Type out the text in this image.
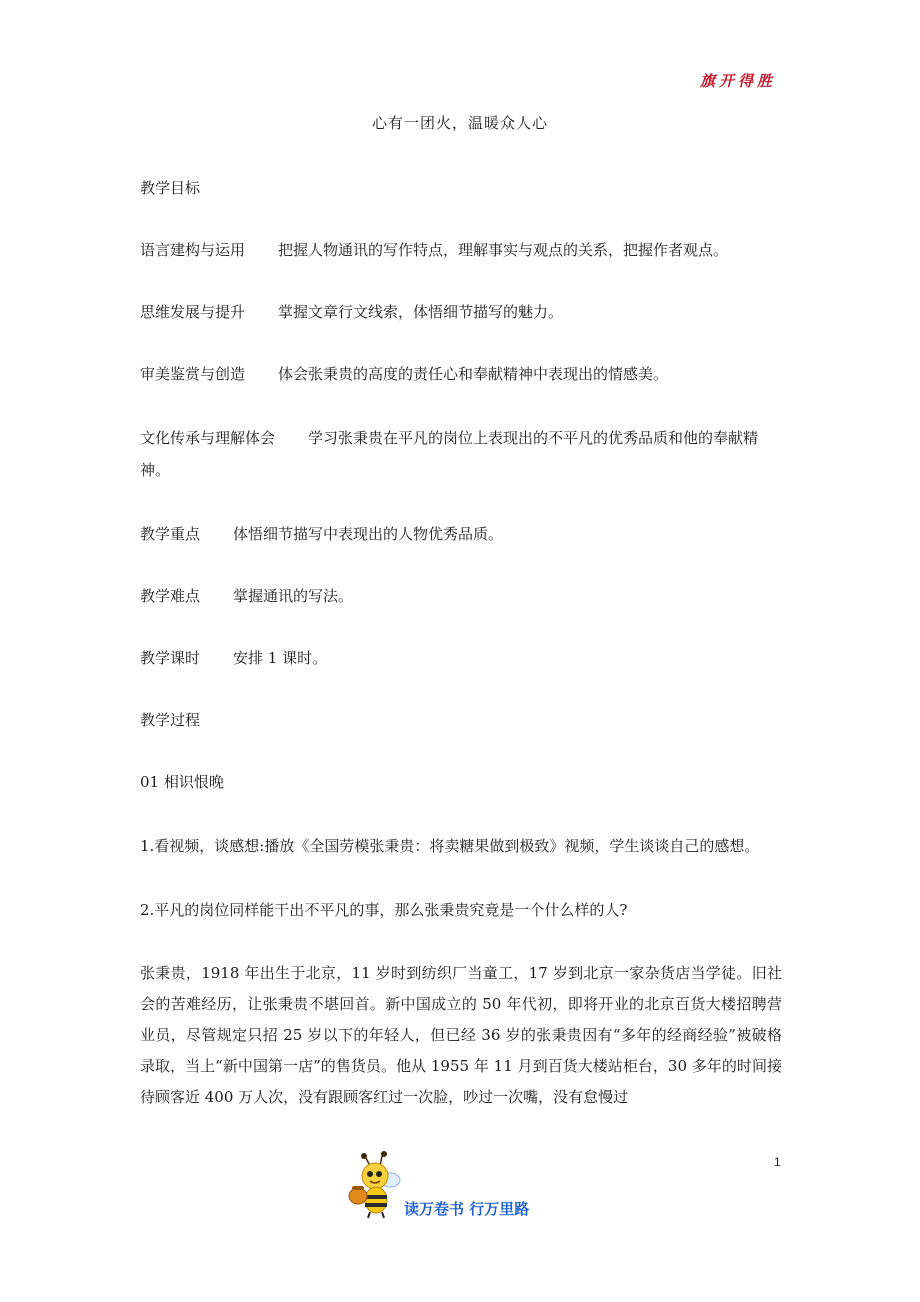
旗开得胜
心有一团火，温暖众人心

教学目标

语言建构与运用 把握人物通讯的写作特点，理解事实与观点的关系，把握作者观点。

思维发展与提升 掌握文章行文线索，体悟细节描写的魅力。

审美鉴赏与创造 体会张秉贵的高度的责任心和奉献精神中表现出的情感美。

文化传承与理解体会 学习张秉贵在平凡的岗位上表现出的不平凡的优秀品质和他的奉献精神。

教学重点 体悟细节描写中表现出的人物优秀品质。

教学难点 掌握通讯的写法。

教学课时 安排 1 课时。

教学过程

01 相识恨晚

1.看视频，谈感想:播放《全国劳模张秉贵：将卖糖果做到极致》视频，学生谈谈自己的感想。

2.平凡的岗位同样能干出不平凡的事，那么张秉贵究竟是一个什么样的人?

张秉贵，1918 年出生于北京，11 岁时到纺织厂当童工，17 岁到北京一家杂货店当学徒。旧社会的苦难经历，让张秉贵不堪回首。新中国成立的 50 年代初，即将开业的北京百货大楼招聘营业员，尽管规定只招 25 岁以下的年轻人，但已经 36 岁的张秉贵因有“多年的经商经验”被破格录取，当上“新中国第一店”的售货员。他从 1955 年 11 月到百货大楼站柜台，30 多年的时间接待顾客近 400 万人次，没有跟顾客红过一次脸，吵过一次嘴，没有怠慢过

1
读万卷书 行万里路
